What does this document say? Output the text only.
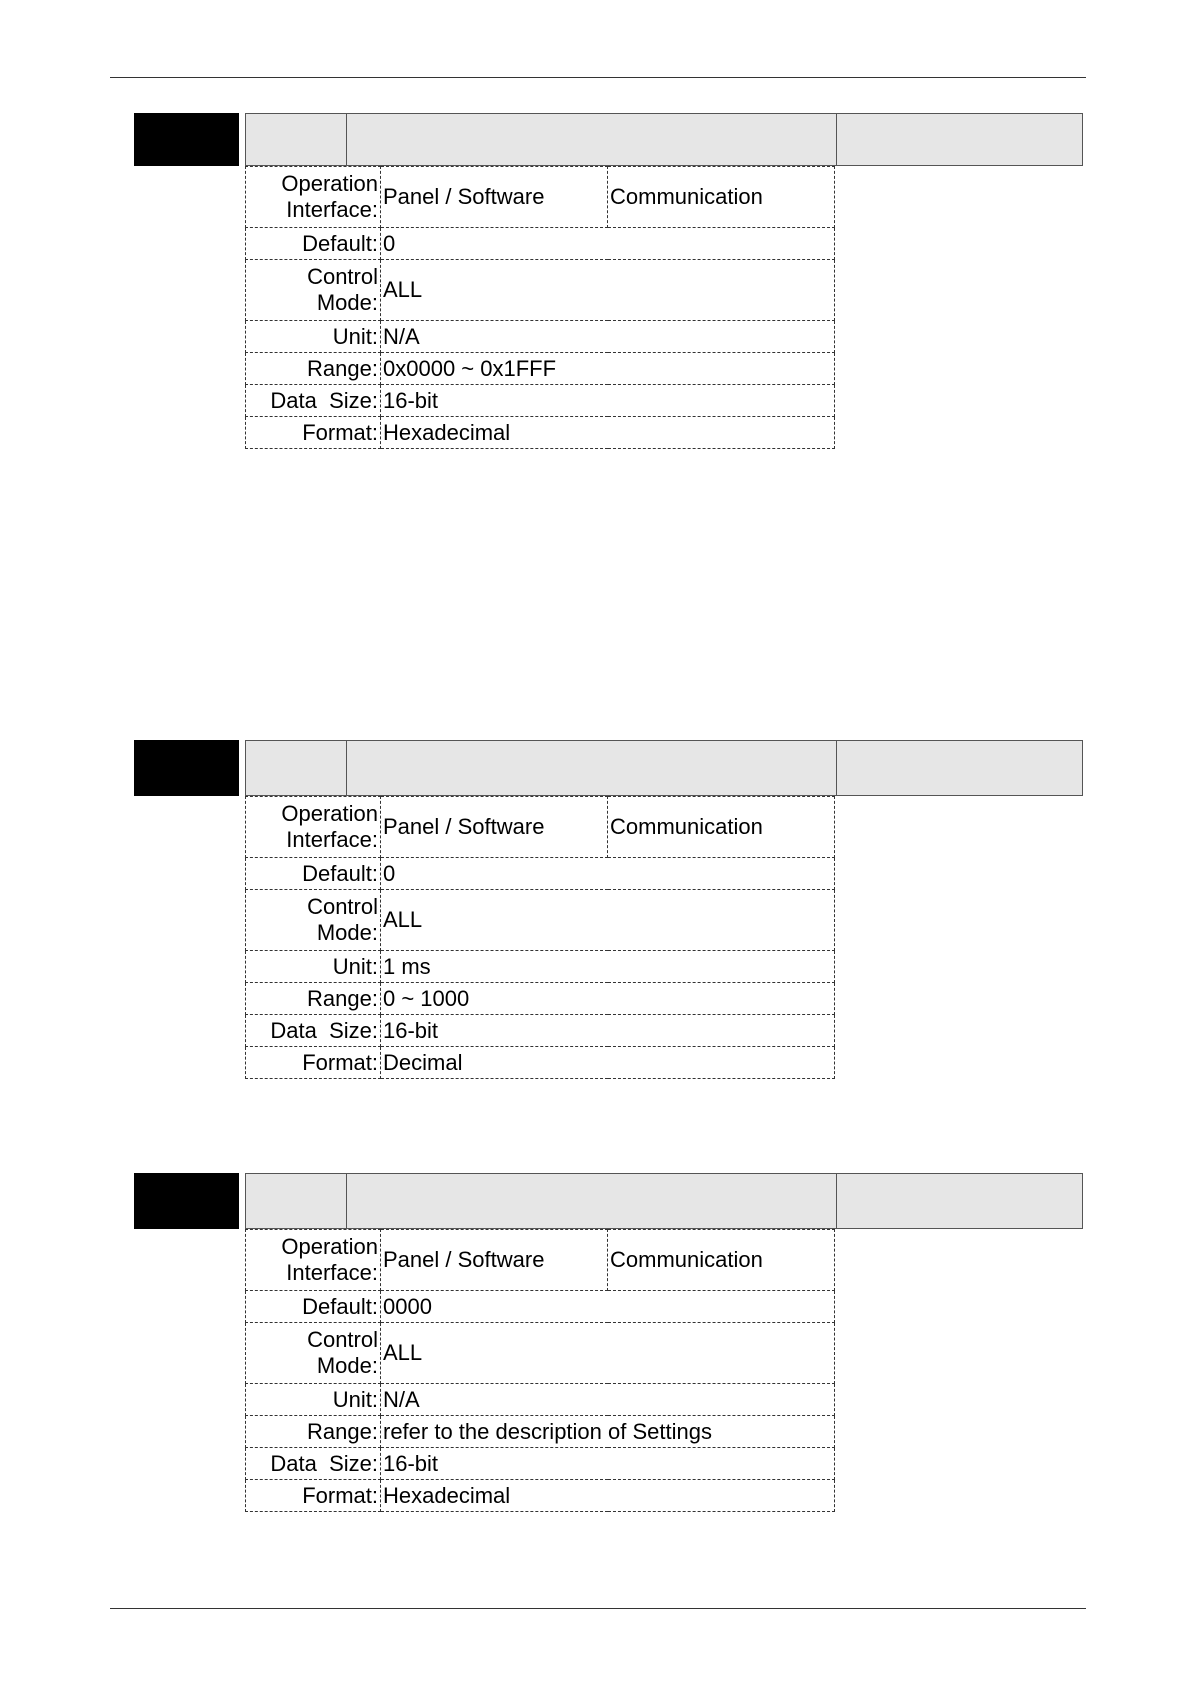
Operation
Interface:	Panel / Software	Communication
Default:	0	
Control
Mode:	ALL	
Unit:	N/A	
Range:	0x0000 ~ 0x1FFF	
Data  Size:	16-bit	
Format:	Hexadecimal	
Operation
Interface:	Panel / Software	Communication
Default:	0	
Control
Mode:	ALL	
Unit:	1 ms	
Range:	0 ~ 1000	
Data  Size:	16-bit	
Format:	Decimal	
Operation
Interface:	Panel / Software	Communication
Default:	0000	
Control
Mode:	ALL	
Unit:	N/A	
Range:	refer to the description of Settings	
Data  Size:	16-bit	
Format:	Hexadecimal	
